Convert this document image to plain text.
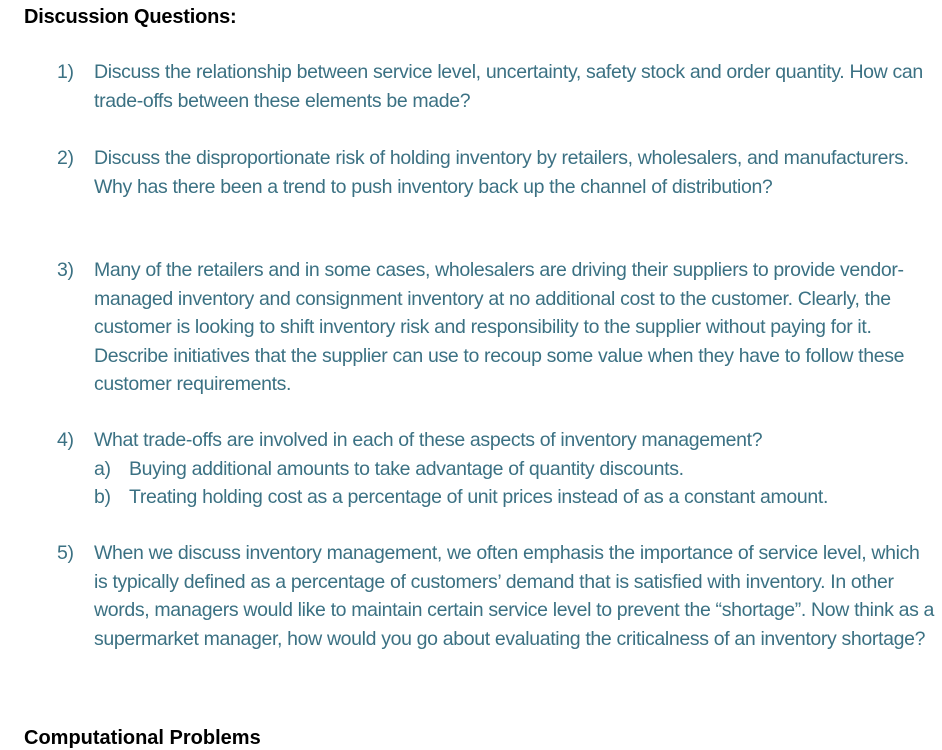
Discussion Questions:
1)	Discuss the relationship between service level, uncertainty, safety stock and order quantity. How can trade-offs between these elements be made?
2)	Discuss the disproportionate risk of holding inventory by retailers, wholesalers, and manufacturers. Why has there been a trend to push inventory back up the channel of distribution?
3)	Many of the retailers and in some cases, wholesalers are driving their suppliers to provide vendor-managed inventory and consignment inventory at no additional cost to the customer. Clearly, the customer is looking to shift inventory risk and responsibility to the supplier without paying for it. Describe initiatives that the supplier can use to recoup some value when they have to follow these customer requirements.
4)	What trade-offs are involved in each of these aspects of inventory management?
a) Buying additional amounts to take advantage of quantity discounts.
b) Treating holding cost as a percentage of unit prices instead of as a constant amount.
5)	When we discuss inventory management, we often emphasis the importance of service level, which is typically defined as a percentage of customers’ demand that is satisfied with inventory. In other words, managers would like to maintain certain service level to prevent the “shortage”. Now think as a supermarket manager, how would you go about evaluating the criticalness of an inventory shortage?
Computational Problems
